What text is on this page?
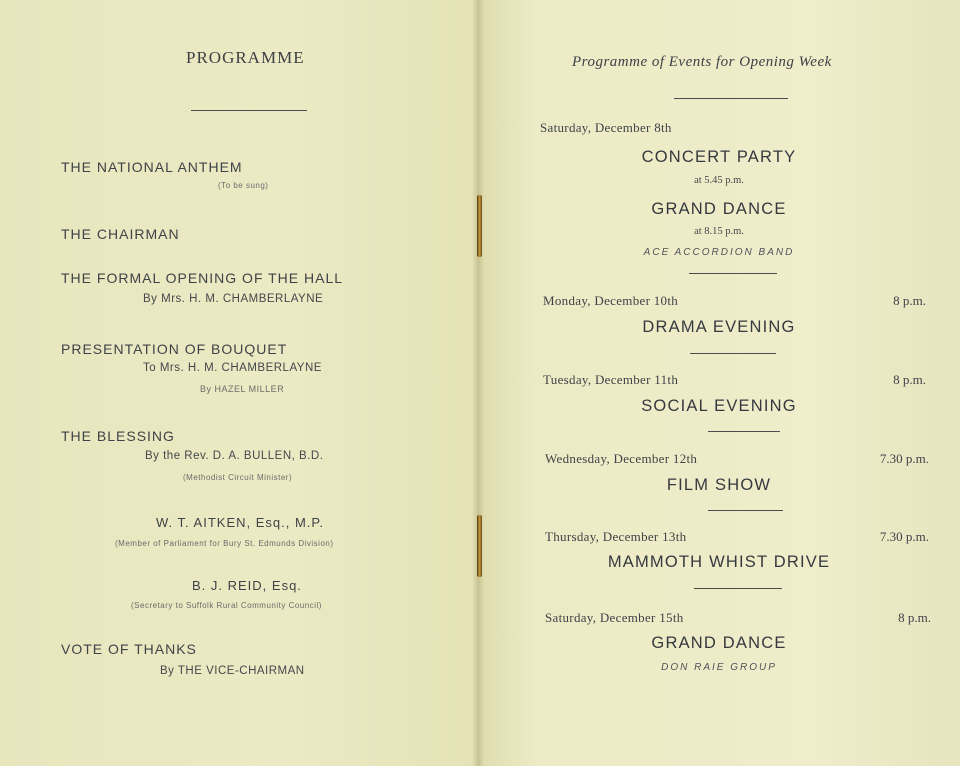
PROGRAMME
THE NATIONAL ANTHEM
(To be sung)
THE CHAIRMAN
THE FORMAL OPENING OF THE HALL
By Mrs. H. M. CHAMBERLAYNE
PRESENTATION OF BOUQUET
To Mrs. H. M. CHAMBERLAYNE
By HAZEL MILLER
THE BLESSING
By the Rev. D. A. BULLEN, B.D.
(Methodist Circuit Minister)
W. T. AITKEN, Esq., M.P.
(Member of Parliament for Bury St. Edmunds Division)
B. J. REID, Esq.
(Secretary to Suffolk Rural Community Council)
VOTE OF THANKS
By THE VICE-CHAIRMAN
Programme of Events for Opening Week
Saturday, December 8th
CONCERT PARTY
at 5.45 p.m.
GRAND DANCE
at 8.15 p.m.
ACE ACCORDION BAND
Monday, December 10th	8 p.m.
DRAMA EVENING
Tuesday, December 11th	8 p.m.
SOCIAL EVENING
Wednesday, December 12th	7.30 p.m.
FILM SHOW
Thursday, December 13th	7.30 p.m.
MAMMOTH WHIST DRIVE
Saturday, December 15th	8 p.m.
GRAND DANCE
DON RAIE GROUP
